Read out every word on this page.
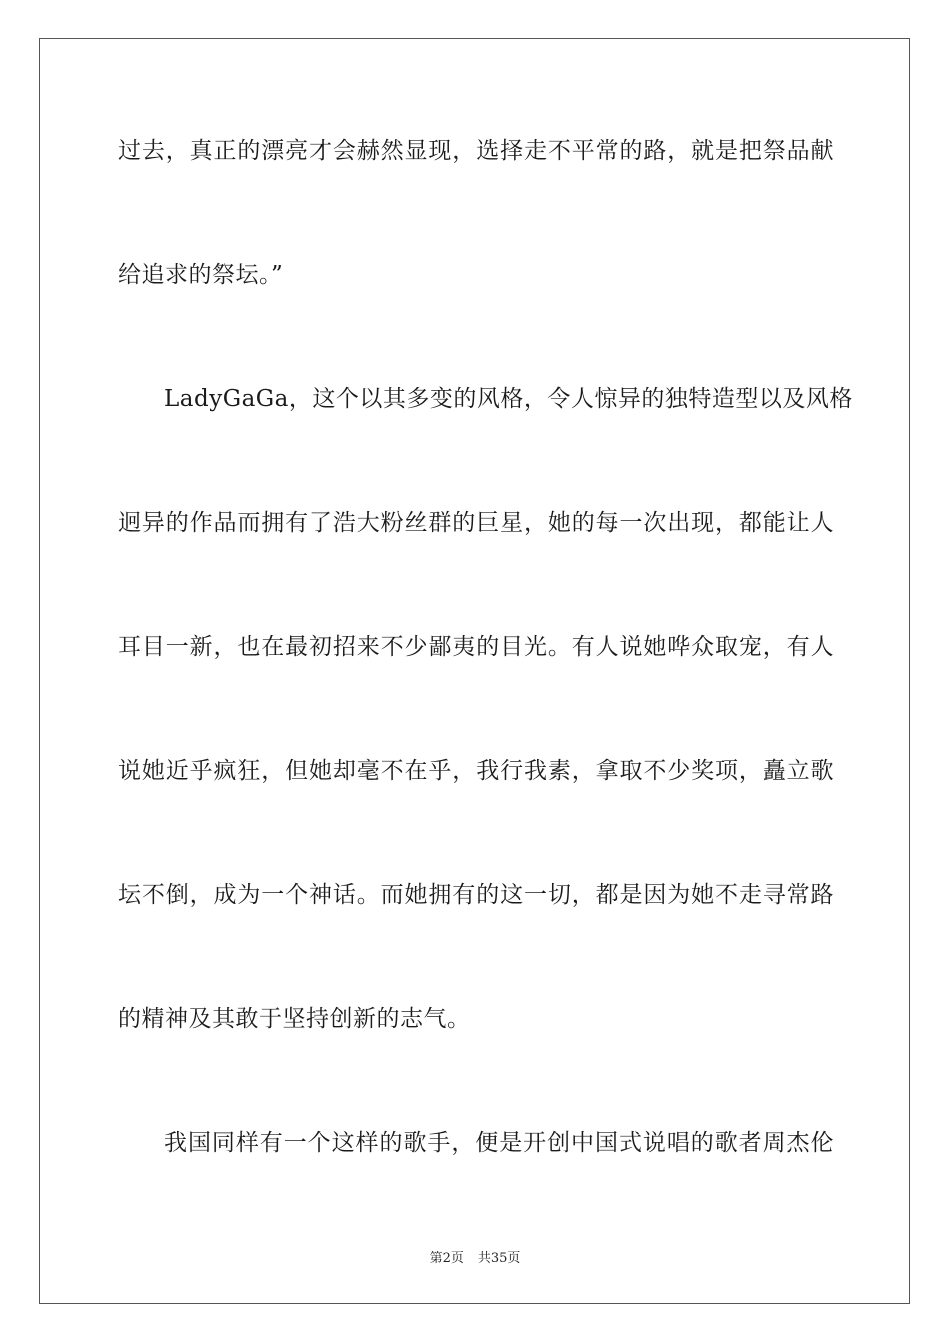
过去，真正的漂亮才会赫然显现，选择走不平常的路，就是把祭品献
给追求的祭坛。”
LadyGaGa，这个以其多变的风格，令人惊异的独特造型以及风格
迥异的作品而拥有了浩大粉丝群的巨星，她的每一次出现，都能让人
耳目一新，也在最初招来不少鄙夷的目光。有人说她哗众取宠，有人
说她近乎疯狂，但她却毫不在乎，我行我素，拿取不少奖项，矗立歌
坛不倒，成为一个神话。而她拥有的这一切，都是因为她不走寻常路
的精神及其敢于坚持创新的志气。
我国同样有一个这样的歌手，便是开创中国式说唱的歌者周杰伦
第2页 共35页
